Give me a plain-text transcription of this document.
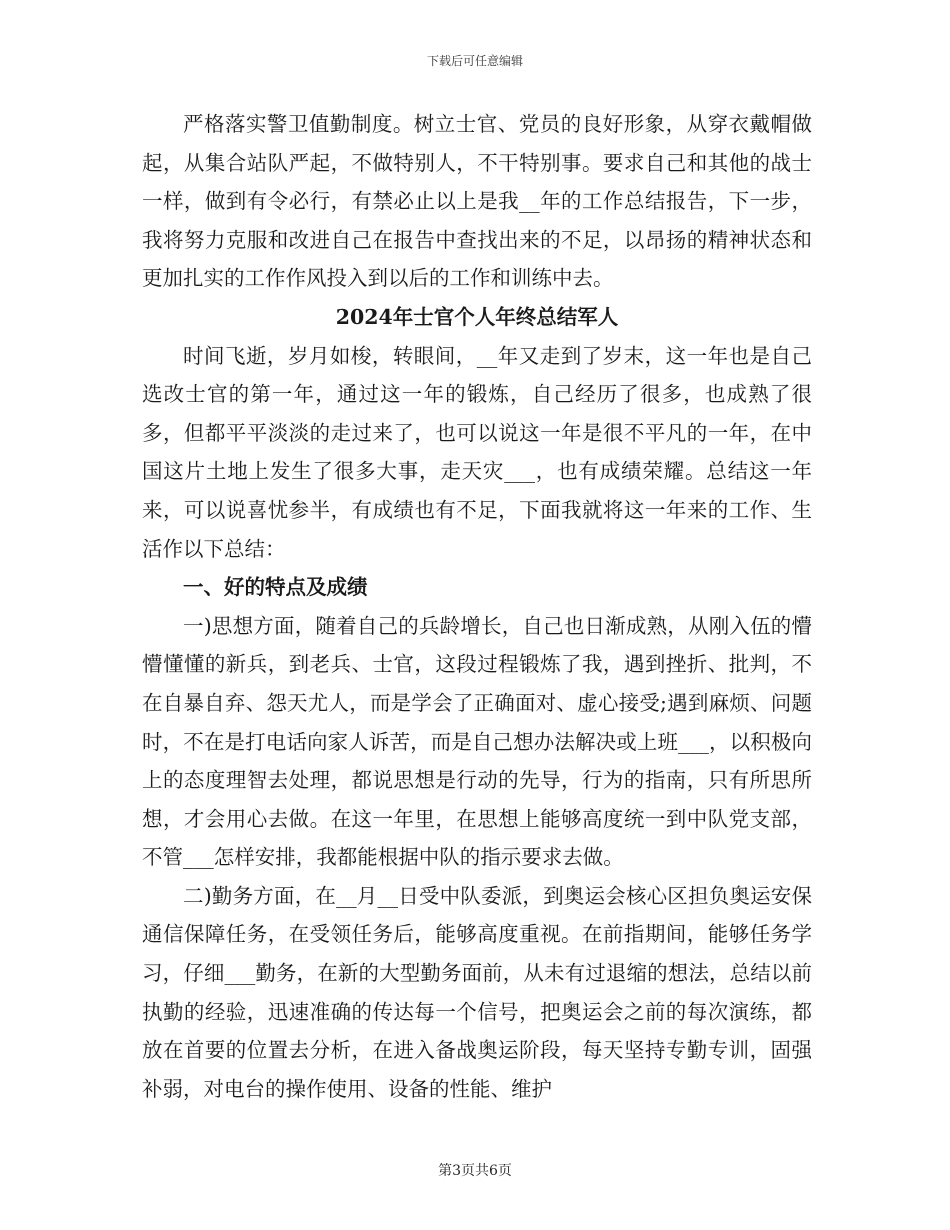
下载后可任意编辑

严格落实警卫值勤制度。树立士官、党员的良好形象，从穿衣戴帽做起，从集合站队严起，不做特别人，不干特别事。要求自己和其他的战士一样，做到有令必行，有禁必止以上是我__年的工作总结报告，下一步，我将努力克服和改进自己在报告中查找出来的不足，以昂扬的精神状态和更加扎实的工作作风投入到以后的工作和训练中去。

2024年士官个人年终总结军人

时间飞逝，岁月如梭，转眼间，__年又走到了岁末，这一年也是自己选改士官的第一年，通过这一年的锻炼，自己经历了很多，也成熟了很多，但都平平淡淡的走过来了，也可以说这一年是很不平凡的一年，在中国这片土地上发生了很多大事，走天灾___，也有成绩荣耀。总结这一年来，可以说喜忧参半，有成绩也有不足，下面我就将这一年来的工作、生活作以下总结：

一、好的特点及成绩

一)思想方面，随着自己的兵龄增长，自己也日渐成熟，从刚入伍的懵懵懂懂的新兵，到老兵、士官，这段过程锻炼了我，遇到挫折、批判，不在自暴自弃、怨天尤人，而是学会了正确面对、虚心接受;遇到麻烦、问题时，不在是打电话向家人诉苦，而是自己想办法解决或上班___，以积极向上的态度理智去处理，都说思想是行动的先导，行为的指南，只有所思所想，才会用心去做。在这一年里，在思想上能够高度统一到中队党支部，不管___怎样安排，我都能根据中队的指示要求去做。

二)勤务方面，在__月__日受中队委派，到奥运会核心区担负奥运安保通信保障任务，在受领任务后，能够高度重视。在前指期间，能够任务学习，仔细___勤务，在新的大型勤务面前，从未有过退缩的想法，总结以前执勤的经验，迅速准确的传达每一个信号，把奥运会之前的每次演练，都放在首要的位置去分析，在进入备战奥运阶段，每天坚持专勤专训，固强补弱，对电台的操作使用、设备的性能、维护

第3页共6页
